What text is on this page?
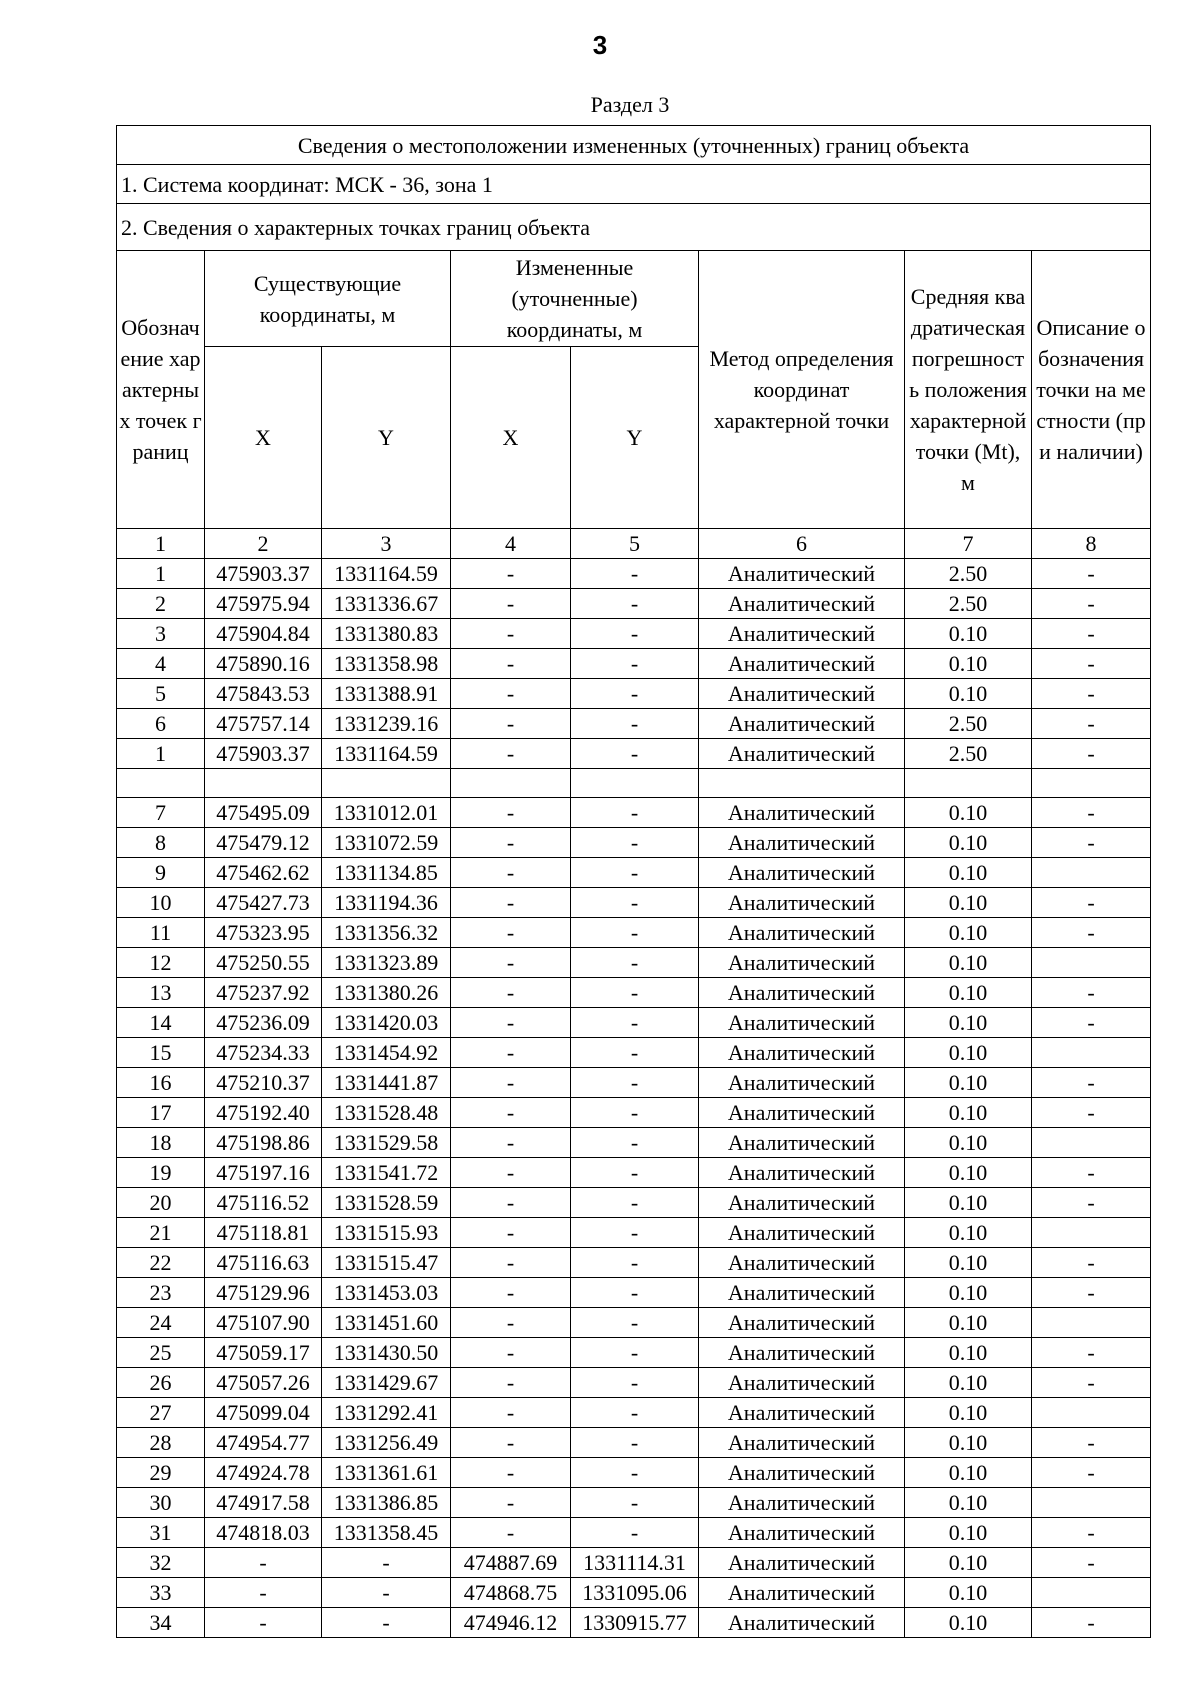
3
Раздел 3
Сведения о местоположении измененных (уточненных) границ объекта							
1. Система координат: МСК - 36, зона 1							
2. Сведения о характерных точках границ объекта							
Обозначение характерных точек границ	Существующие координаты, м		Измененные (уточненные) координаты, м		Метод определения координат характерной точки	Средняя квадратическая погрешность положения характерной точки (Mt), м	Описание обозначения точки на местности (при наличии)
	X	Y	X	Y			
1	2	3	4	5	6	7	8
1	475903.37	1331164.59	-	-	Аналитический	2.50	-
2	475975.94	1331336.67	-	-	Аналитический	2.50	-
3	475904.84	1331380.83	-	-	Аналитический	0.10	-
4	475890.16	1331358.98	-	-	Аналитический	0.10	-
5	475843.53	1331388.91	-	-	Аналитический	0.10	-
6	475757.14	1331239.16	-	-	Аналитический	2.50	-
1	475903.37	1331164.59	-	-	Аналитический	2.50	-

7	475495.09	1331012.01	-	-	Аналитический	0.10	-
8	475479.12	1331072.59	-	-	Аналитический	0.10	-
9	475462.62	1331134.85	-	-	Аналитический	0.10	
10	475427.73	1331194.36	-	-	Аналитический	0.10	-
11	475323.95	1331356.32	-	-	Аналитический	0.10	-
12	475250.55	1331323.89	-	-	Аналитический	0.10	
13	475237.92	1331380.26	-	-	Аналитический	0.10	-
14	475236.09	1331420.03	-	-	Аналитический	0.10	-
15	475234.33	1331454.92	-	-	Аналитический	0.10	
16	475210.37	1331441.87	-	-	Аналитический	0.10	-
17	475192.40	1331528.48	-	-	Аналитический	0.10	-
18	475198.86	1331529.58	-	-	Аналитический	0.10	
19	475197.16	1331541.72	-	-	Аналитический	0.10	-
20	475116.52	1331528.59	-	-	Аналитический	0.10	-
21	475118.81	1331515.93	-	-	Аналитический	0.10	
22	475116.63	1331515.47	-	-	Аналитический	0.10	-
23	475129.96	1331453.03	-	-	Аналитический	0.10	-
24	475107.90	1331451.60	-	-	Аналитический	0.10	
25	475059.17	1331430.50	-	-	Аналитический	0.10	-
26	475057.26	1331429.67	-	-	Аналитический	0.10	-
27	475099.04	1331292.41	-	-	Аналитический	0.10	
28	474954.77	1331256.49	-	-	Аналитический	0.10	-
29	474924.78	1331361.61	-	-	Аналитический	0.10	-
30	474917.58	1331386.85	-	-	Аналитический	0.10	
31	474818.03	1331358.45	-	-	Аналитический	0.10	-
32	-	-	474887.69	1331114.31	Аналитический	0.10	-
33	-	-	474868.75	1331095.06	Аналитический	0.10	
34	-	-	474946.12	1330915.77	Аналитический	0.10	-
